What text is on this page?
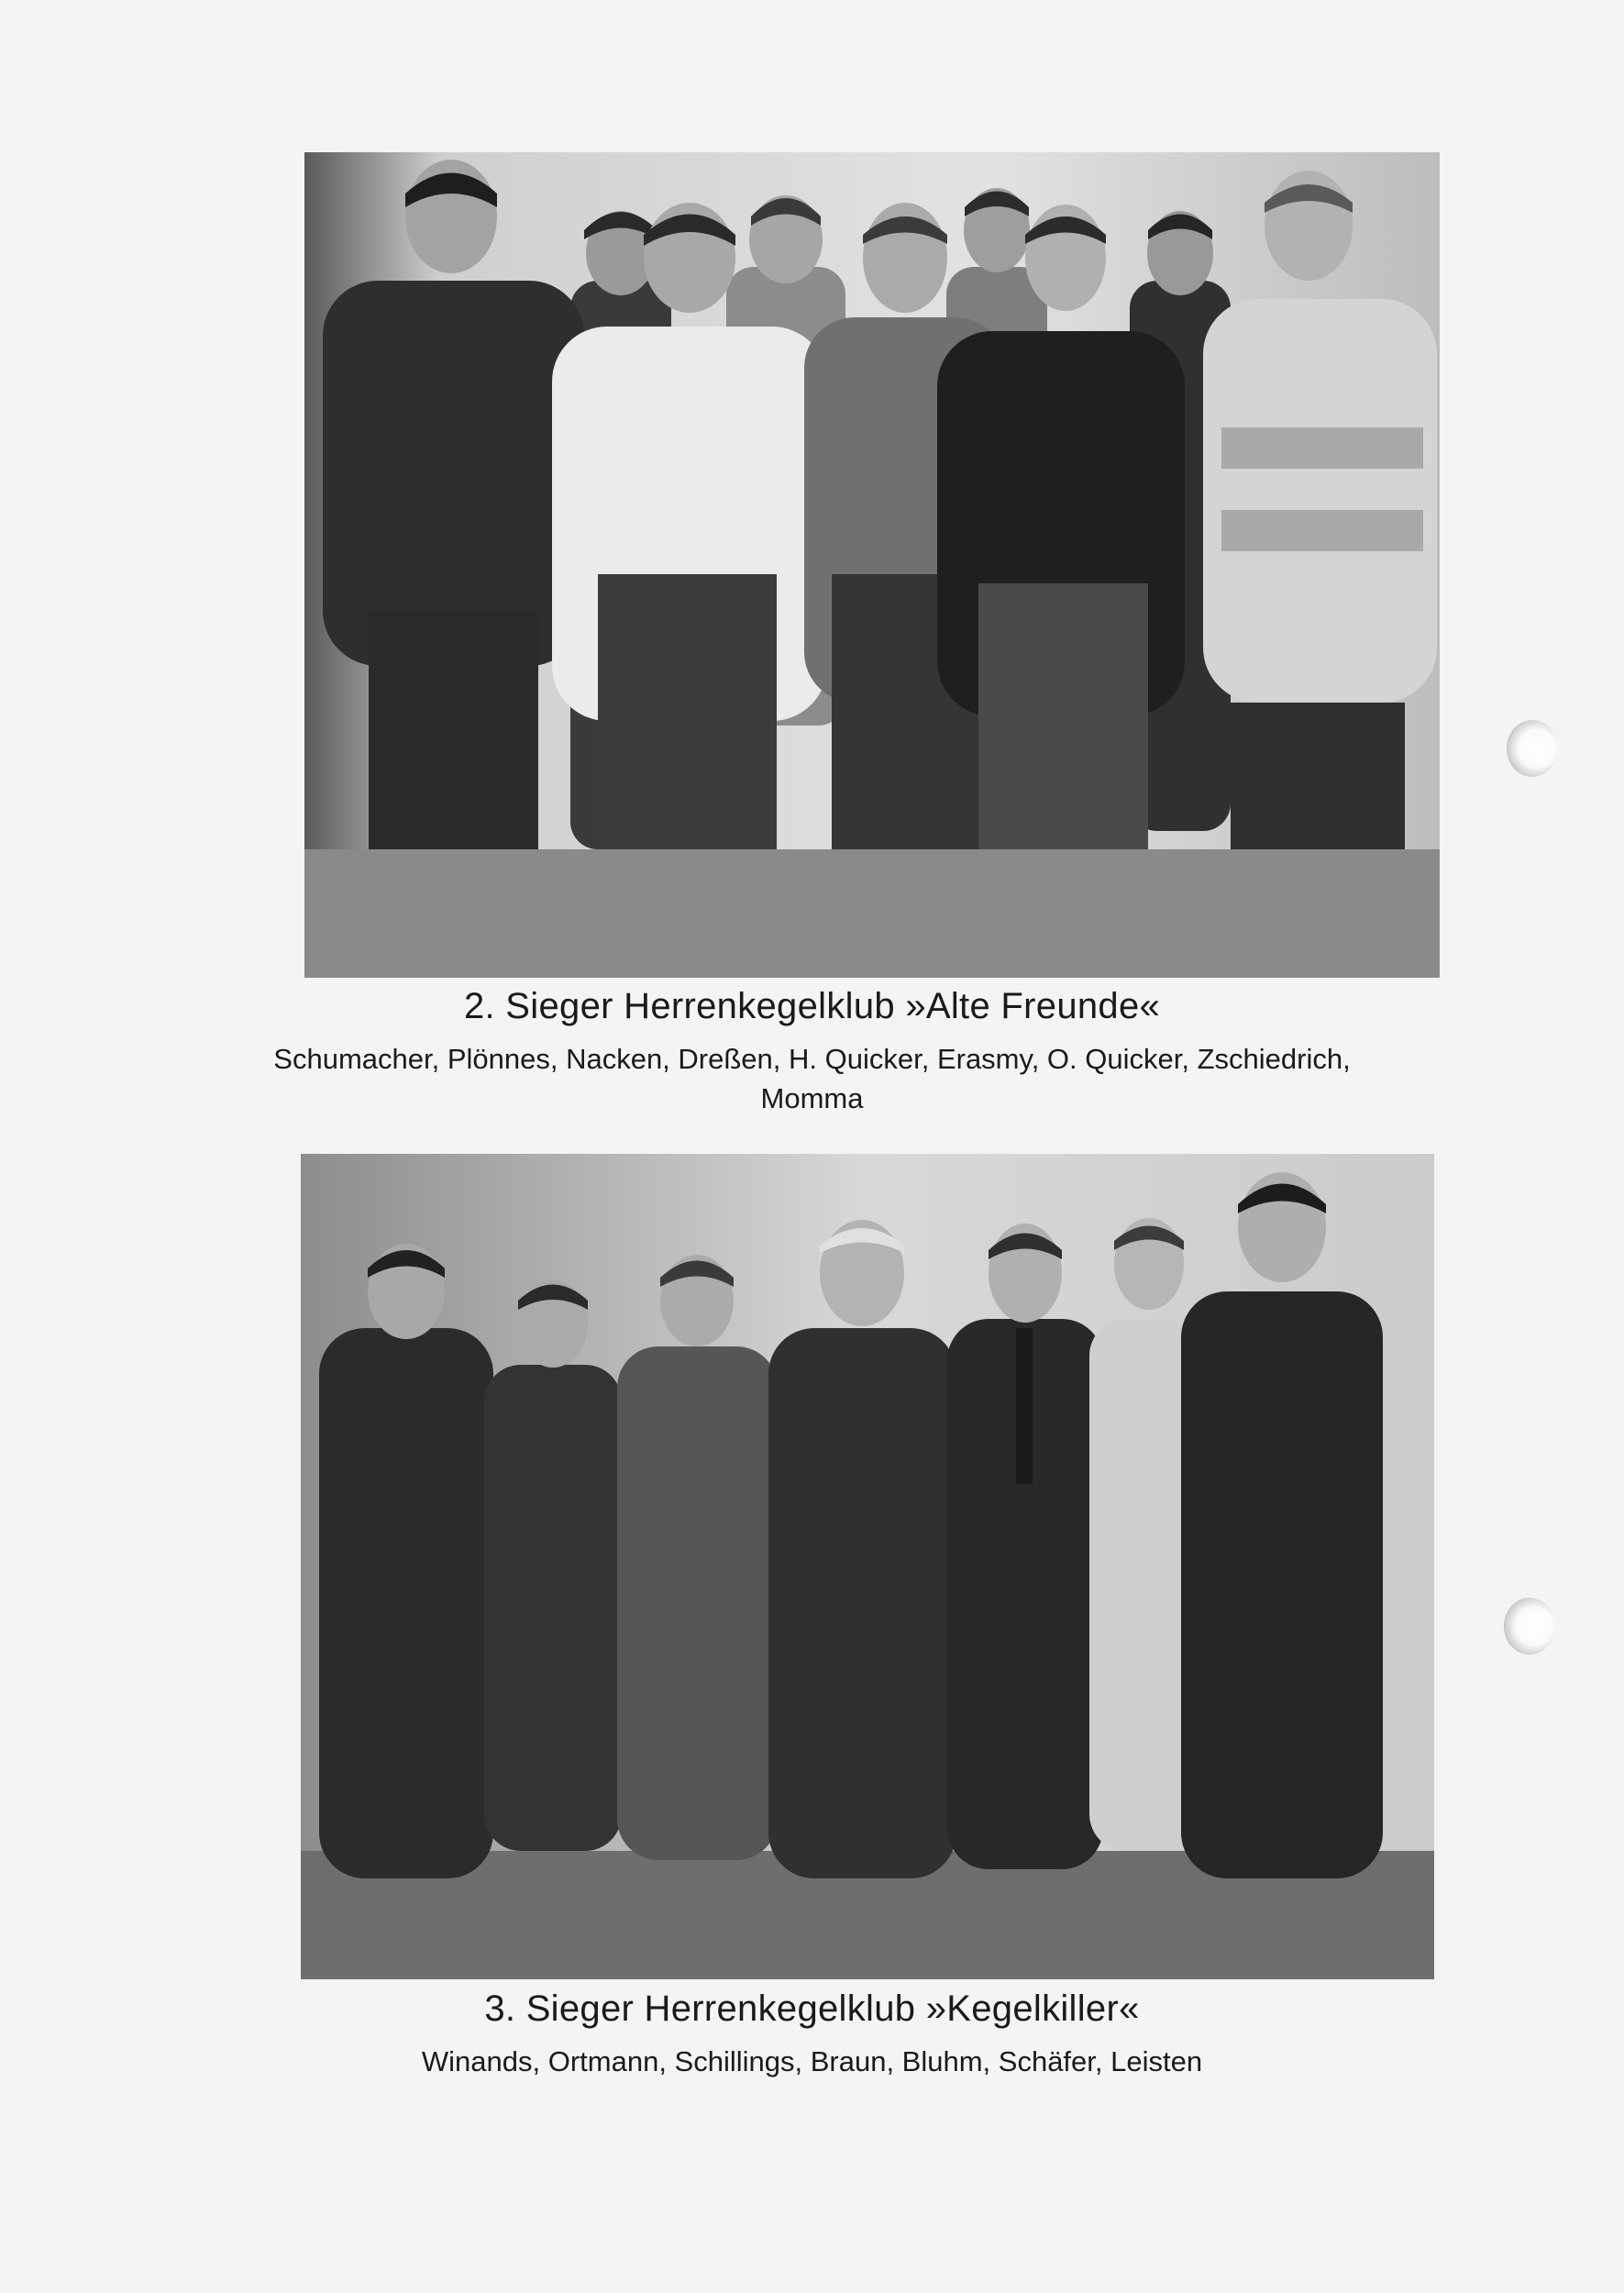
2. Sieger Herrenkegelklub »Alte Freunde«
Schumacher, Plönnes, Nacken, Dreßen, H. Quicker, Erasmy, O. Quicker, Zschiedrich,
Momma
3. Sieger Herrenkegelklub »Kegelkiller«
Winands, Ortmann, Schillings, Braun, Bluhm, Schäfer, Leisten
